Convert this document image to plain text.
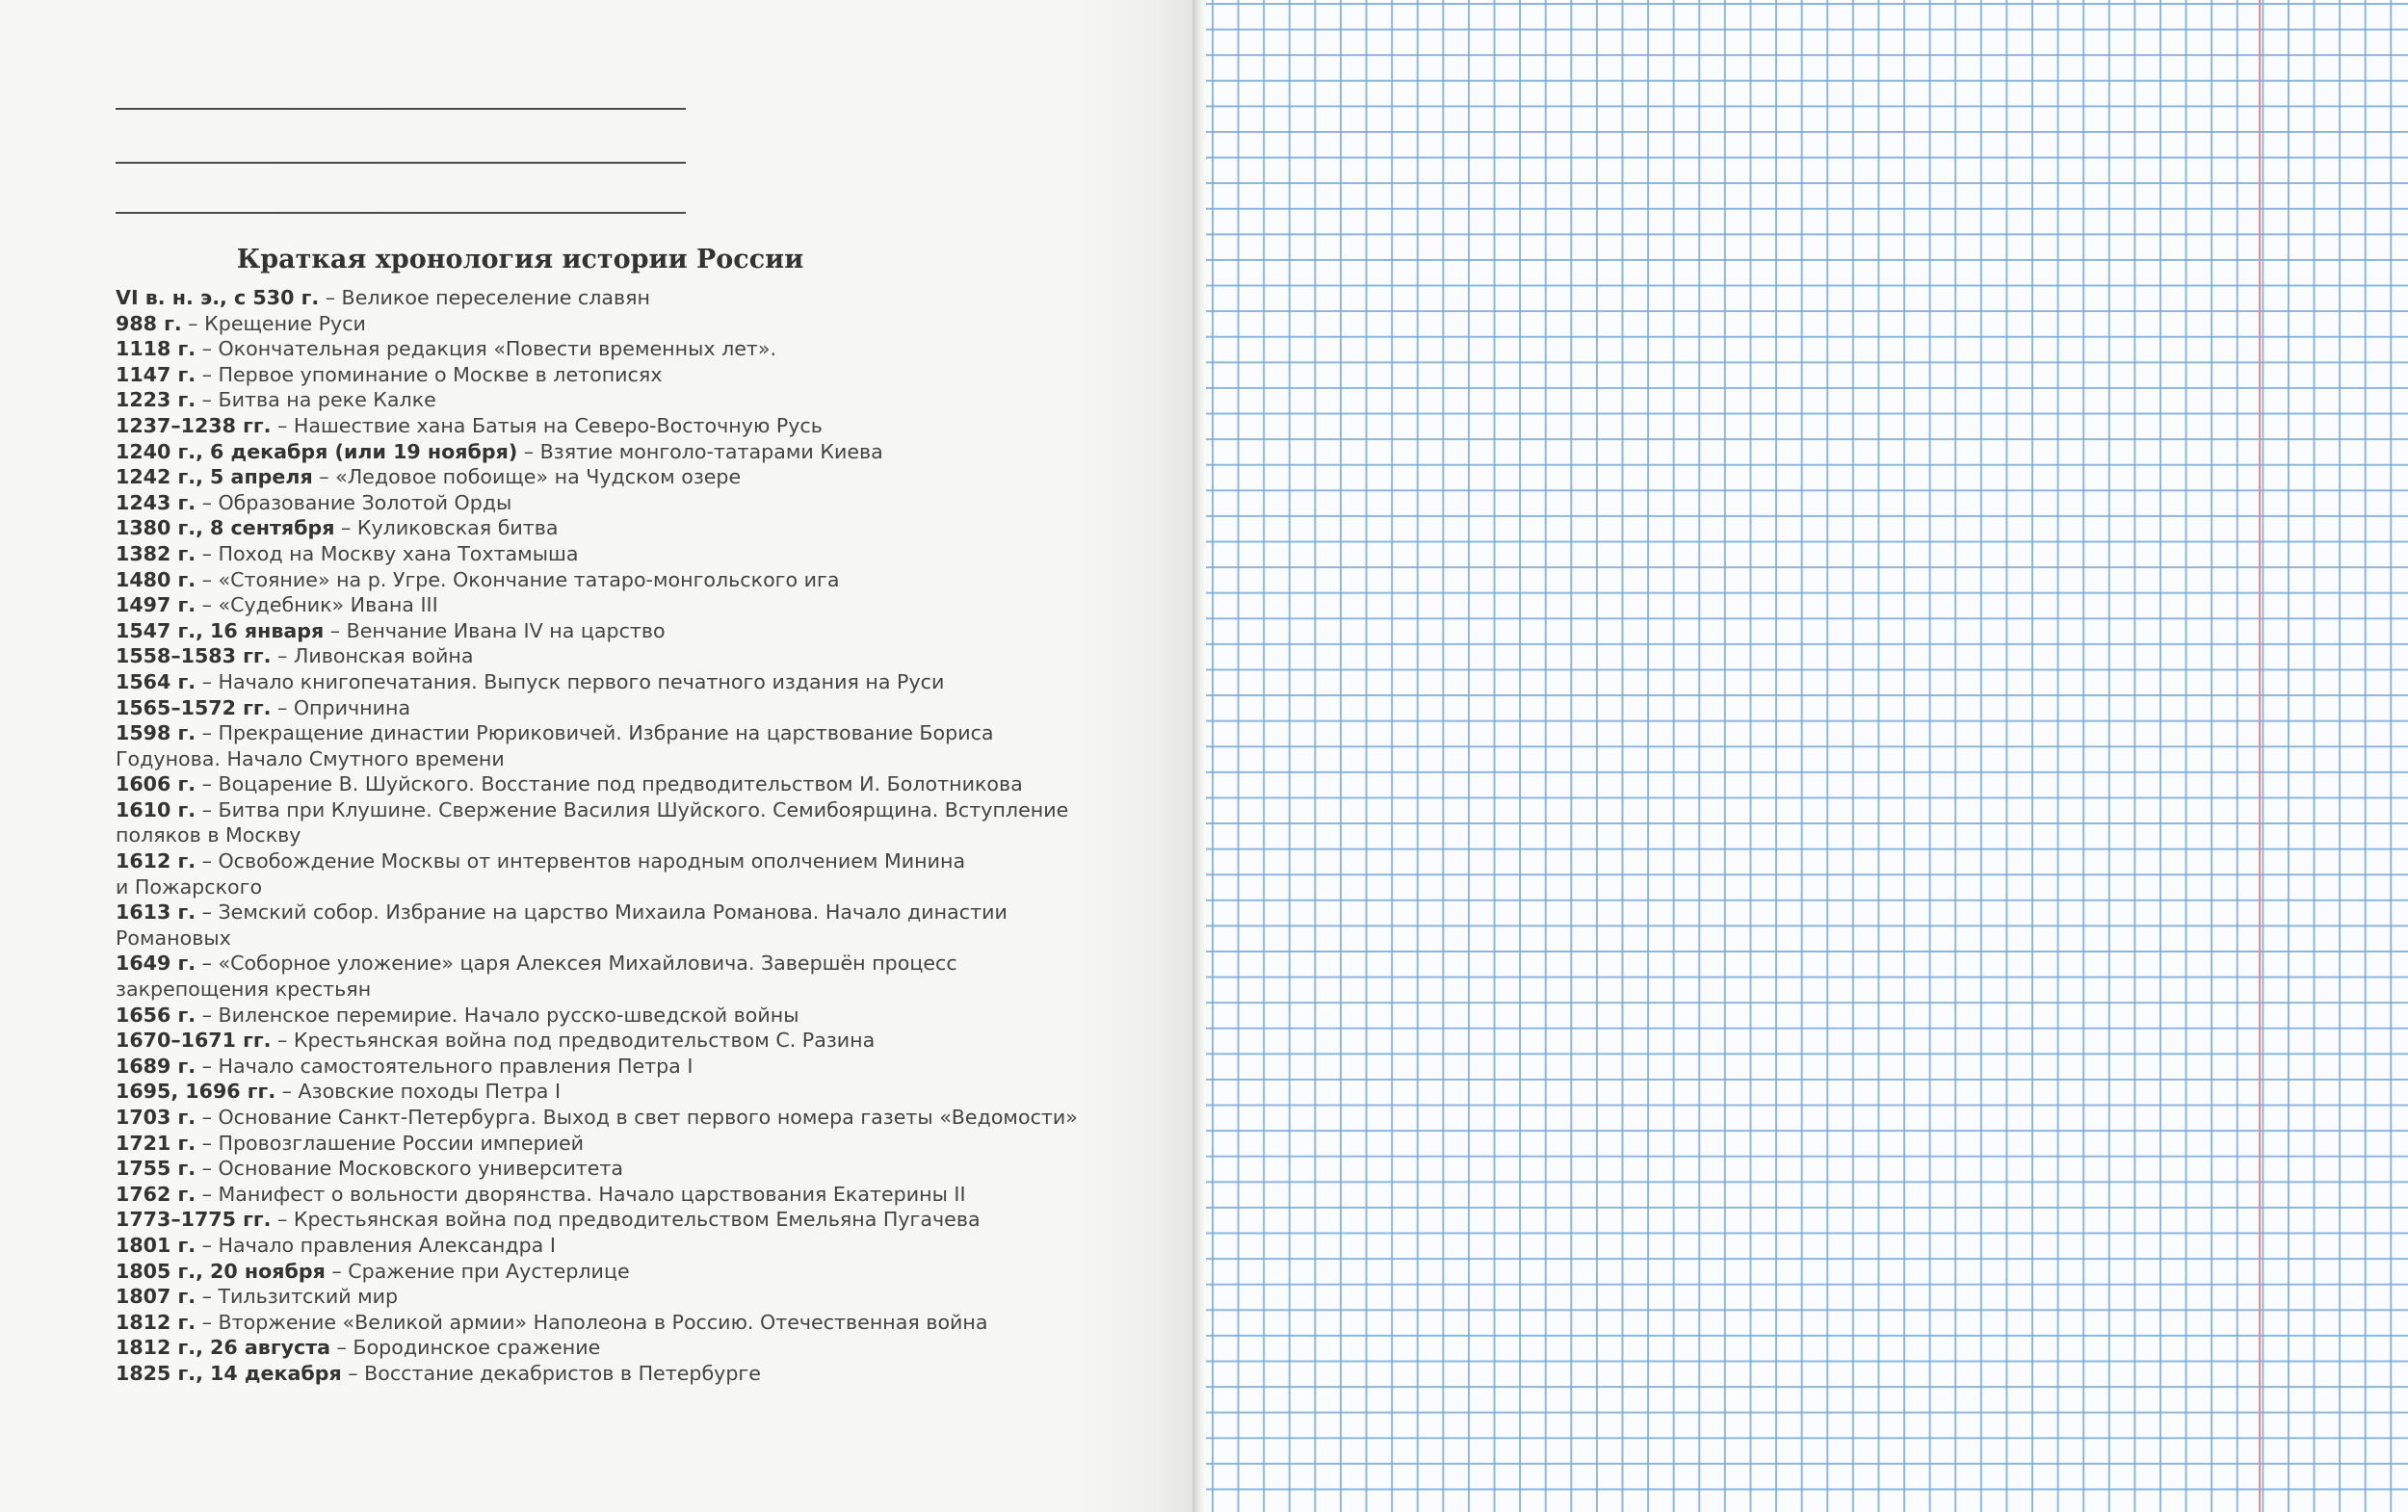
Краткая хронология истории России
VI в. н. э., с 530 г. – Великое переселение славян
988 г. – Крещение Руси
1118 г. – Окончательная редакция «Повести временных лет».
1147 г. – Первое упоминание о Москве в летописях
1223 г. – Битва на реке Калке
1237–1238 гг. – Нашествие хана Батыя на Северо-Восточную Русь
1240 г., 6 декабря (или 19 ноября) – Взятие монголо-татарами Киева
1242 г., 5 апреля – «Ледовое побоище» на Чудском озере
1243 г. – Образование Золотой Орды
1380 г., 8 сентября – Куликовская битва
1382 г. – Поход на Москву хана Тохтамыша
1480 г. – «Стояние» на р. Угре. Окончание татаро-монгольского ига
1497 г. – «Судебник» Ивана III
1547 г., 16 января – Венчание Ивана IV на царство
1558–1583 гг. – Ливонская война
1564 г. – Начало книгопечатания. Выпуск первого печатного издания на Руси
1565–1572 гг. – Опричнина
1598 г. – Прекращение династии Рюриковичей. Избрание на царствование Бориса
Годунова. Начало Смутного времени
1606 г. – Воцарение В. Шуйского. Восстание под предводительством И. Болотникова
1610 г. – Битва при Клушине. Свержение Василия Шуйского. Семибоярщина. Вступление
поляков в Москву
1612 г. – Освобождение Москвы от интервентов народным ополчением Минина
и Пожарского
1613 г. – Земский собор. Избрание на царство Михаила Романова. Начало династии
Романовых
1649 г. – «Соборное уложение» царя Алексея Михайловича. Завершён процесс
закрепощения крестьян
1656 г. – Виленское перемирие. Начало русско-шведской войны
1670–1671 гг. – Крестьянская война под предводительством С. Разина
1689 г. – Начало самостоятельного правления Петра I
1695, 1696 гг. – Азовские походы Петра I
1703 г. – Основание Санкт-Петербурга. Выход в свет первого номера газеты «Ведомости»
1721 г. – Провозглашение России империей
1755 г. – Основание Московского университета
1762 г. – Манифест о вольности дворянства. Начало царствования Екатерины II
1773–1775 гг. – Крестьянская война под предводительством Емельяна Пугачева
1801 г. – Начало правления Александра I
1805 г., 20 ноября – Сражение при Аустерлице
1807 г. – Тильзитский мир
1812 г. – Вторжение «Великой армии» Наполеона в Россию. Отечественная война
1812 г., 26 августа – Бородинское сражение
1825 г., 14 декабря – Восстание декабристов в Петербурге
